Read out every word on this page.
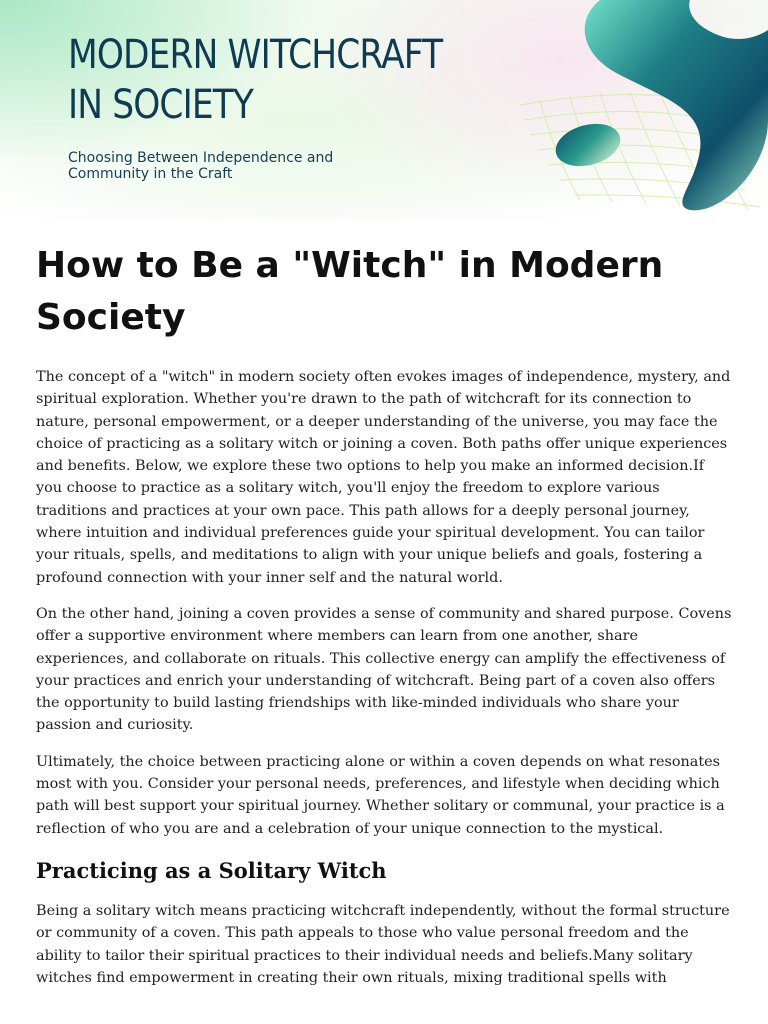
MODERN WITCHCRAFT
IN SOCIETY

Choosing Between Independence and Community in the Craft

How to Be a "Witch" in Modern Society

The concept of a "witch" in modern society often evokes images of independence, mystery, and spiritual exploration. Whether you're drawn to the path of witchcraft for its connection to nature, personal empowerment, or a deeper understanding of the universe, you may face the choice of practicing as a solitary witch or joining a coven. Both paths offer unique experiences and benefits. Below, we explore these two options to help you make an informed decision.If you choose to practice as a solitary witch, you'll enjoy the freedom to explore various traditions and practices at your own pace. This path allows for a deeply personal journey, where intuition and individual preferences guide your spiritual development. You can tailor your rituals, spells, and meditations to align with your unique beliefs and goals, fostering a profound connection with your inner self and the natural world.

On the other hand, joining a coven provides a sense of community and shared purpose. Covens offer a supportive environment where members can learn from one another, share experiences, and collaborate on rituals. This collective energy can amplify the effectiveness of your practices and enrich your understanding of witchcraft. Being part of a coven also offers the opportunity to build lasting friendships with like-minded individuals who share your passion and curiosity.

Ultimately, the choice between practicing alone or within a coven depends on what resonates most with you. Consider your personal needs, preferences, and lifestyle when deciding which path will best support your spiritual journey. Whether solitary or communal, your practice is a reflection of who you are and a celebration of your unique connection to the mystical.

Practicing as a Solitary Witch

Being a solitary witch means practicing witchcraft independently, without the formal structure or community of a coven. This path appeals to those who value personal freedom and the ability to tailor their spiritual practices to their individual needs and beliefs.Many solitary witches find empowerment in creating their own rituals, mixing traditional spells with
